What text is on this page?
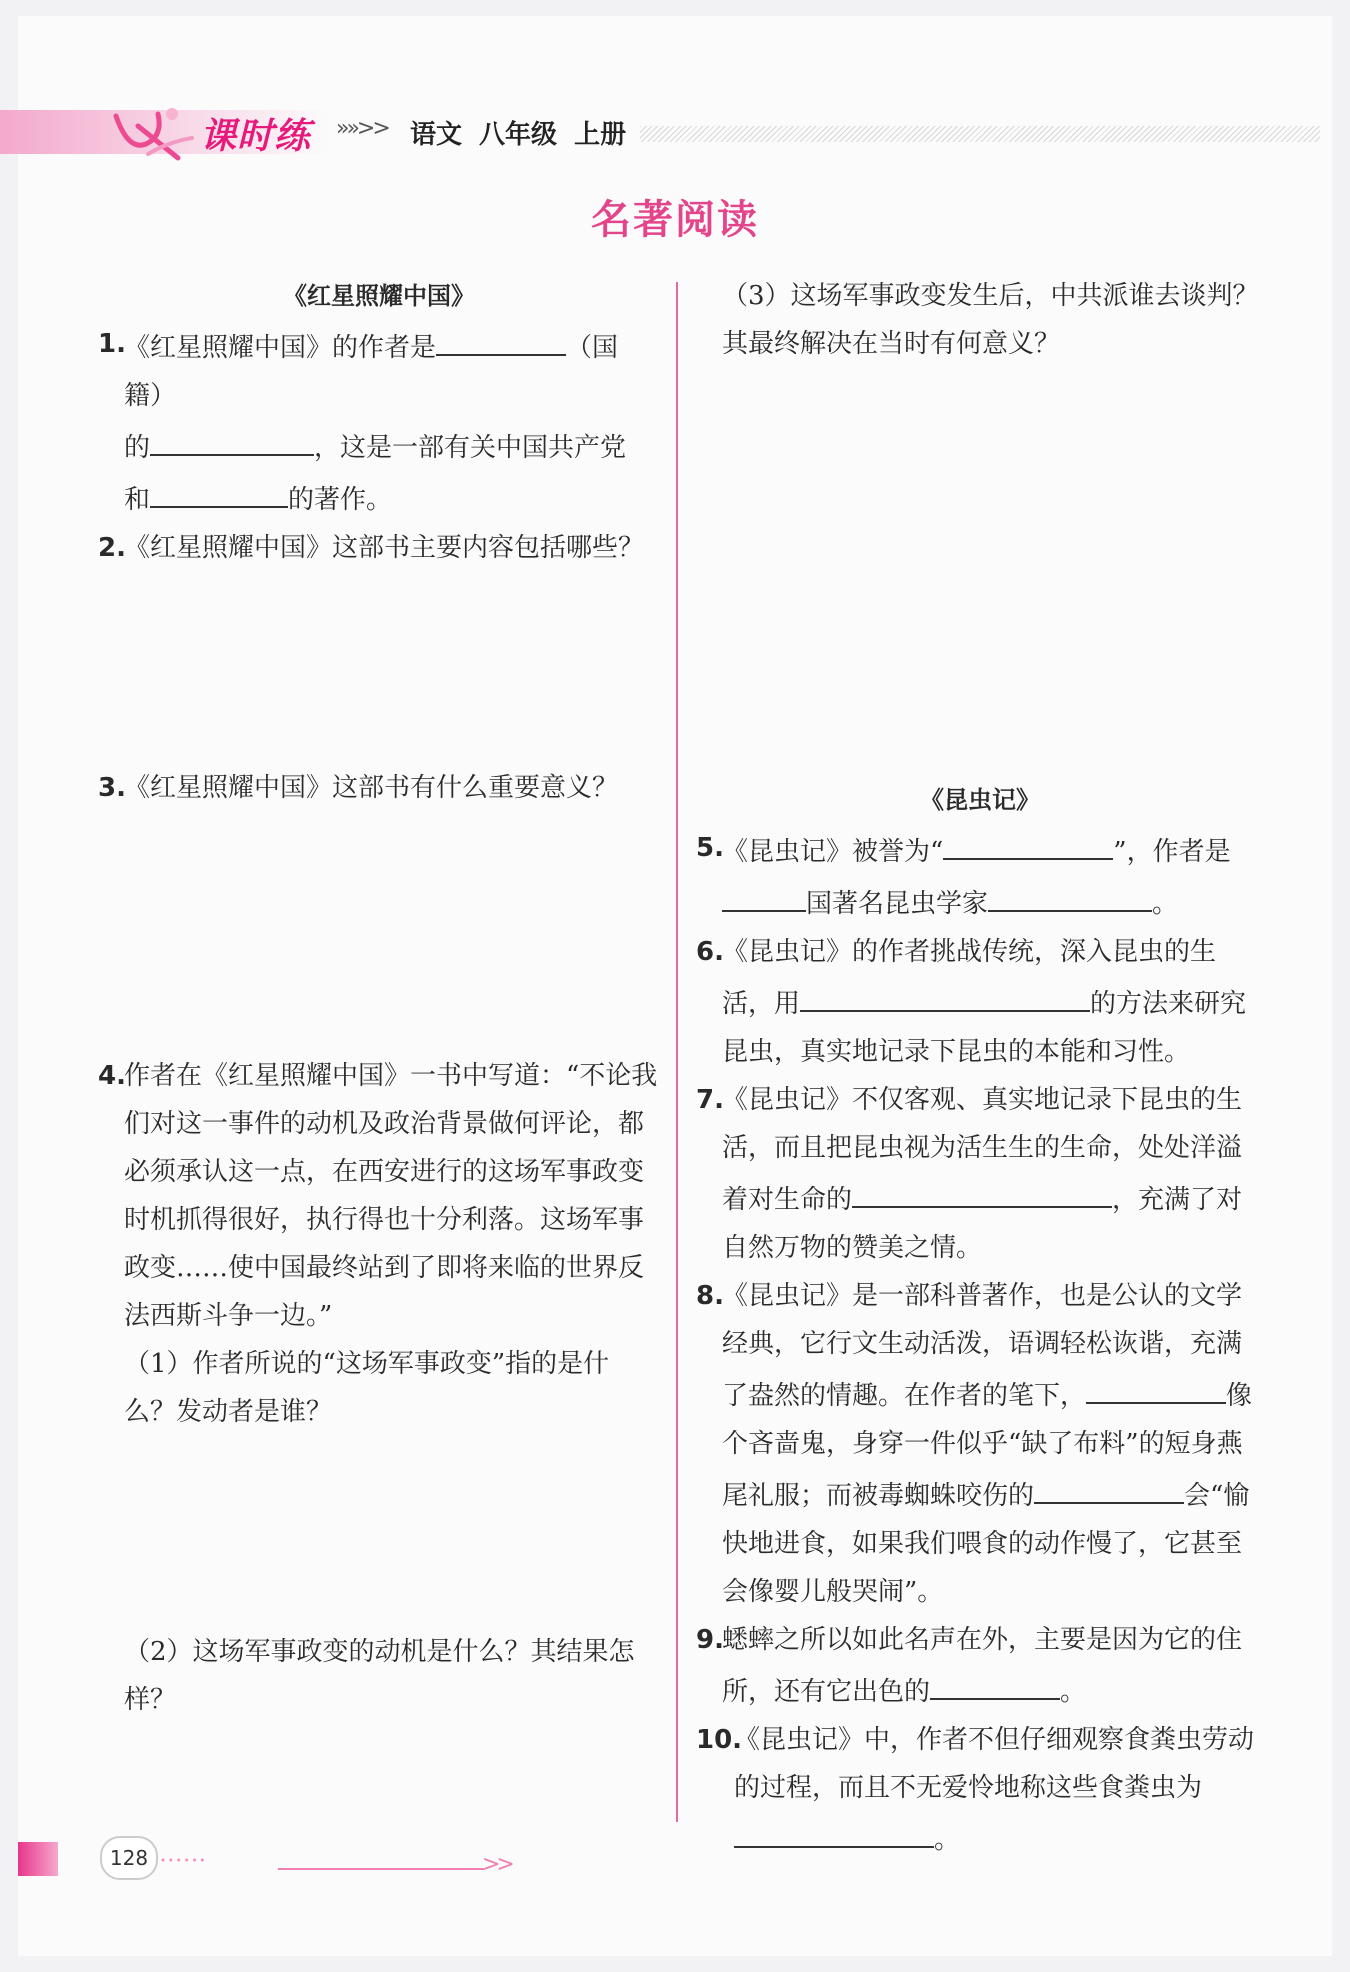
课时练 »»>> 语文 八年级 上册
名著阅读
《红星照耀中国》
1.
《红星照耀中国》的作者是	（国籍）
的	，这是一部有关中国共产党
和	的著作。
2.
《红星照耀中国》这部书主要内容包括哪些？
3.
《红星照耀中国》这部书有什么重要意义？
4.
作者在《红星照耀中国》一书中写道：“不论我们对这一事件的动机及政治背景做何评论，都必须承认这一点，在西安进行的这场军事政变时机抓得很好，执行得也十分利落。这场军事政变……使中国最终站到了即将来临的世界反法西斯斗争一边。”
（1）作者所说的“这场军事政变”指的是什么？发动者是谁？
（2）这场军事政变的动机是什么？其结果怎样？
（3）这场军事政变发生后，中共派谁去谈判？其最终解决在当时有何意义？
《昆虫记》
5.
《昆虫记》被誉为“	”，作者是
国著名昆虫学家	。
6.
《昆虫记》的作者挑战传统，深入昆虫的生活，用	的方法来研究昆虫，真实地记录下昆虫的本能和习性。
7.
《昆虫记》不仅客观、真实地记录下昆虫的生活，而且把昆虫视为活生生的生命，处处洋溢着对生命的	，充满了对自然万物的赞美之情。
8.
《昆虫记》是一部科普著作，也是公认的文学经典，它行文生动活泼，语调轻松诙谐，充满了盎然的情趣。在作者的笔下，	像个吝啬鬼，身穿一件似乎“缺了布料”的短身燕尾礼服；而被毒蜘蛛咬伤的	会“愉快地进食，如果我们喂食的动作慢了，它甚至会像婴儿般哭闹”。
9.
蟋蟀之所以如此名声在外，主要是因为它的住所，还有它出色的	。
10.
《昆虫记》中，作者不但仔细观察食粪虫劳动的过程，而且不无爱怜地称这些食粪虫为
。
128	••••••	>>
